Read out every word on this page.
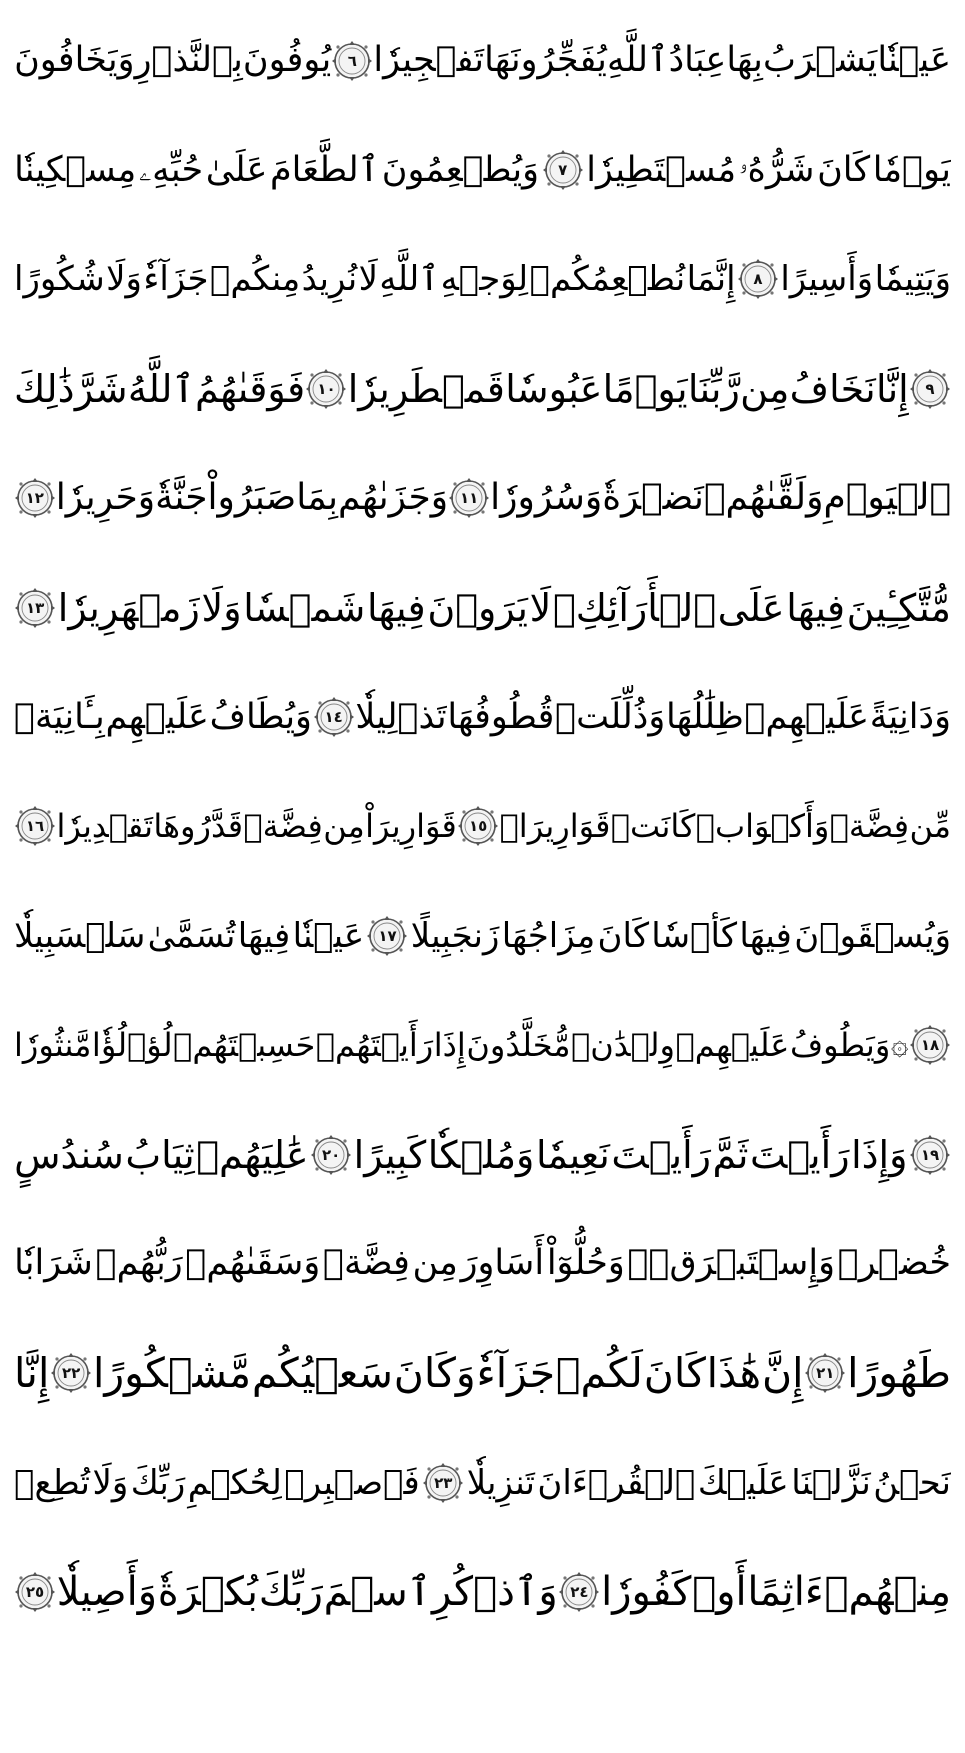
عَيۡنٗا
يَشۡرَبُ
بِهَا
عِبَادُ
ٱللَّهِ
يُفَجِّرُونَهَا
تَفۡجِيرٗا
٦
يُوفُونَ
بِٱلنَّذۡرِ
وَيَخَافُونَ
يَوۡمٗا
كَانَ
شَرُّهُۥ
مُسۡتَطِيرٗا
٧
وَيُطۡعِمُونَ
ٱلطَّعَامَ
عَلَىٰ
حُبِّهِۦ
مِسۡكِينٗا
وَيَتِيمٗا
وَأَسِيرًا
٨
إِنَّمَا
نُطۡعِمُكُمۡ
لِوَجۡهِ
ٱللَّهِ
لَا
نُرِيدُ
مِنكُمۡ
جَزَآءٗ
وَلَا
شُكُورًا
٩
إِنَّا
نَخَافُ
مِن
رَّبِّنَا
يَوۡمًا
عَبُوسٗا
قَمۡطَرِيرٗا
١٠
فَوَقَىٰهُمُ
ٱللَّهُ
شَرَّ
ذَٰلِكَ
ٱلۡيَوۡمِ
وَلَقَّىٰهُمۡ
نَضۡرَةٗ
وَسُرُورٗا
١١
وَجَزَىٰهُم
بِمَا
صَبَرُواْ
جَنَّةٗ
وَحَرِيرٗا
١٢
مُّتَّكِـِٔينَ
فِيهَا
عَلَى
ٱلۡأَرَآئِكِۖ
لَا
يَرَوۡنَ
فِيهَا
شَمۡسٗا
وَلَا
زَمۡهَرِيرٗا
١٣
وَدَانِيَةً
عَلَيۡهِمۡ
ظِلَٰلُهَا
وَذُلِّلَتۡ
قُطُوفُهَا
تَذۡلِيلٗا
١٤
وَيُطَافُ
عَلَيۡهِم
بِـَٔانِيَةٖ
مِّن
فِضَّةٖ
وَأَكۡوَابٖ
كَانَتۡ
قَوَارِيرَا۠
١٥
قَوَارِيرَاْ
مِن
فِضَّةٖ
قَدَّرُوهَا
تَقۡدِيرٗا
١٦
وَيُسۡقَوۡنَ
فِيهَا
كَأۡسٗا
كَانَ
مِزَاجُهَا
زَنجَبِيلًا
١٧
عَيۡنٗا
فِيهَا
تُسَمَّىٰ
سَلۡسَبِيلٗا
١٨
۞
وَيَطُوفُ
عَلَيۡهِمۡ
وِلۡدَٰنٞ
مُّخَلَّدُونَ
إِذَا
رَأَيۡتَهُمۡ
حَسِبۡتَهُمۡ
لُؤۡلُؤٗا
مَّنثُورٗا
١٩
وَإِذَا
رَأَيۡتَ
ثَمَّ
رَأَيۡتَ
نَعِيمٗا
وَمُلۡكٗا
كَبِيرًا
٢٠
عَٰلِيَهُمۡ
ثِيَابُ
سُندُسٍ
خُضۡرٞ
وَإِسۡتَبۡرَقٞۖ
وَحُلُّوٓاْ
أَسَاوِرَ
مِن
فِضَّةٖ
وَسَقَىٰهُمۡ
رَبُّهُمۡ
شَرَابٗا
طَهُورًا
٢١
إِنَّ
هَٰذَا
كَانَ
لَكُمۡ
جَزَآءٗ
وَكَانَ
سَعۡيُكُم
مَّشۡكُورًا
٢٢
إِنَّا
نَحۡنُ
نَزَّلۡنَا
عَلَيۡكَ
ٱلۡقُرۡءَانَ
تَنزِيلٗا
٢٣
فَٱصۡبِرۡ
لِحُكۡمِ
رَبِّكَ
وَلَا
تُطِعۡ
مِنۡهُمۡ
ءَاثِمًا
أَوۡ
كَفُورٗا
٢٤
وَٱذۡكُرِ
ٱسۡمَ
رَبِّكَ
بُكۡرَةٗ
وَأَصِيلٗا
٢٥
